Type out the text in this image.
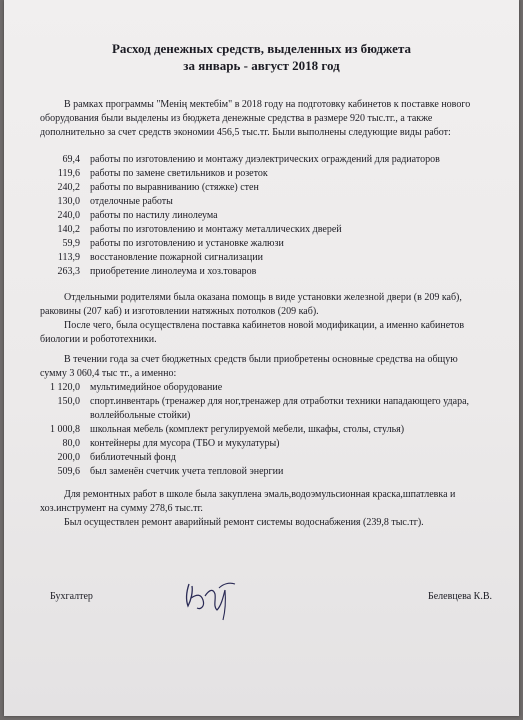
Расход денежных средств, выделенных из бюджета
за январь - август 2018 год
В рамках программы "Менің мектебім" в 2018 году на подготовку кабинетов к поставке нового
оборудования были выделены из бюджета денежные средства в размере 920 тыс.тг., а также
дополнительно за счет средств экономии 456,5 тыс.тг. Были выполнены следующие виды работ:
69,4 работы по изготовлению и монтажу диэлектрических ограждений для радиаторов
119,6 работы по замене светильников и розеток
240,2 работы по выравниванию (стяжке) стен
130,0 отделочные работы
240,0 работы по настилу линолеума
140,2 работы по изготовлению и монтажу металлических дверей
59,9 работы по изготовлению и установке жалюзи
113,9 восстановление пожарной сигнализации
263,3 приобретение линолеума и хоз.товаров
Отдельными родителями была оказана помощь в виде установки железной двери (в 209 каб),
раковины (207 каб) и изготовлении натяжных потолков (209 каб).
После чего, была осуществлена поставка кабинетов новой модификации, а именно кабинетов
биологии и робототехники.
В течении года за счет бюджетных средств были приобретены основные средства на общую
сумму 3 060,4 тыс тг., а именно:
1 120,0 мультимедийное оборудование
150,0 спорт.инвентарь (тренажер для ног,тренажер для отработки техники нападающего удара,
воллейбольные стойки)
1 000,8 школьная мебель (комплект регулируемой мебели, шкафы, столы, стулья)
80,0 контейнеры для мусора (ТБО и мукулатуры)
200,0 библиотечный фонд
509,6 был заменён счетчик учета тепловой энергии
Для ремонтных работ в школе была закуплена эмаль,водоэмульсионная краска,шпатлевка и
хоз.инструмент на сумму 278,6 тыс.тг.
Был осуществлен ремонт аварийный ремонт системы водоснабжения (239,8 тыс.тг).
Бухгалтер	Белевцева К.В.
